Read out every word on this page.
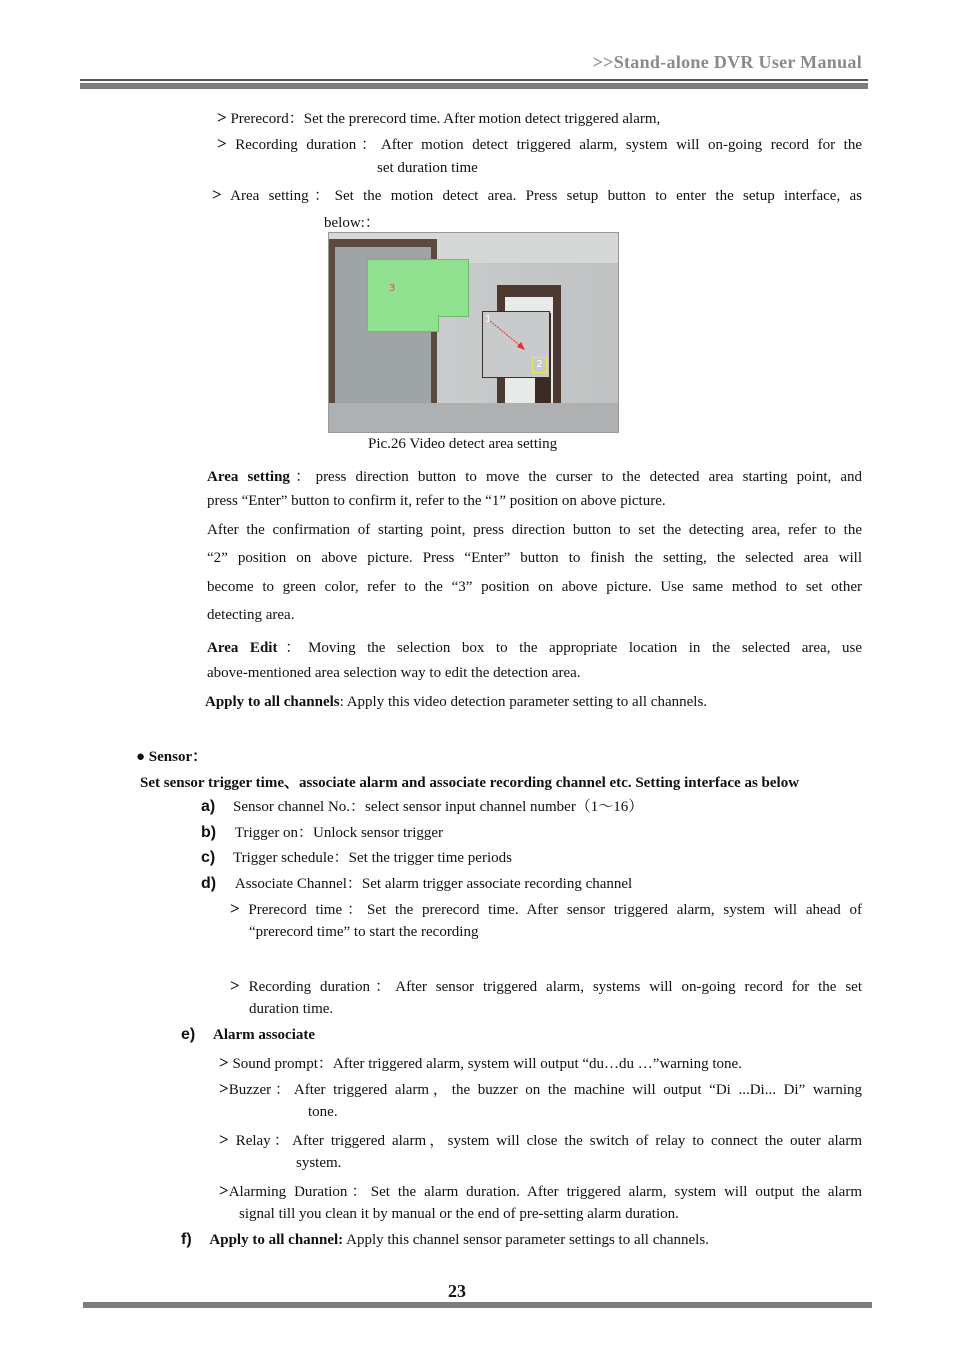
>>Stand-alone DVR User Manual
> Prerecord：Set the prerecord time. After motion detect triggered alarm,
> Recording duration：After motion detect triggered alarm, system will on-going record for the
set duration time
> Area setting：Set the motion detect area. Press setup button to enter the setup interface, as
below:：
3
1
2
Pic.26 Video detect area setting
Area setting：press direction button to move the curser to the detected area starting point, and
press “Enter” button to confirm it, refer to the “1” position on above picture.
After the confirmation of starting point, press direction button to set the detecting area, refer to the
“2” position on above picture. Press “Enter” button to finish the setting, the selected area will
become to green color, refer to the “3” position on above picture. Use same method to set other
detecting area.
Area Edit：Moving the selection box to the appropriate location in the selected area, use
above-mentioned area selection way to edit the detection area.
Apply to all channels: Apply this video detection parameter setting to all channels.
● Sensor：
Set sensor trigger time、associate alarm and associate recording channel etc. Setting interface as below
a) Sensor channel No.：select sensor input channel number（1～16）
b) Trigger on：Unlock sensor trigger
c) Trigger schedule：Set the trigger time periods
d) Associate Channel：Set alarm trigger associate recording channel
> Prerecord time：Set the prerecord time. After sensor triggered alarm, system will ahead of
“prerecord time” to start the recording
> Recording duration：After sensor triggered alarm, systems will on-going record for the set
duration time.
e) Alarm associate
> Sound prompt：After triggered alarm, system will output “du…du …”warning tone.
>Buzzer：After triggered alarm，the buzzer on the machine will output “Di ...Di... Di” warning
tone.
> Relay：After triggered alarm，system will close the switch of relay to connect the outer alarm
system.
>Alarming Duration：Set the alarm duration. After triggered alarm, system will output the alarm
signal till you clean it by manual or the end of pre-setting alarm duration.
f) Apply to all channel: Apply this channel sensor parameter settings to all channels.
23
